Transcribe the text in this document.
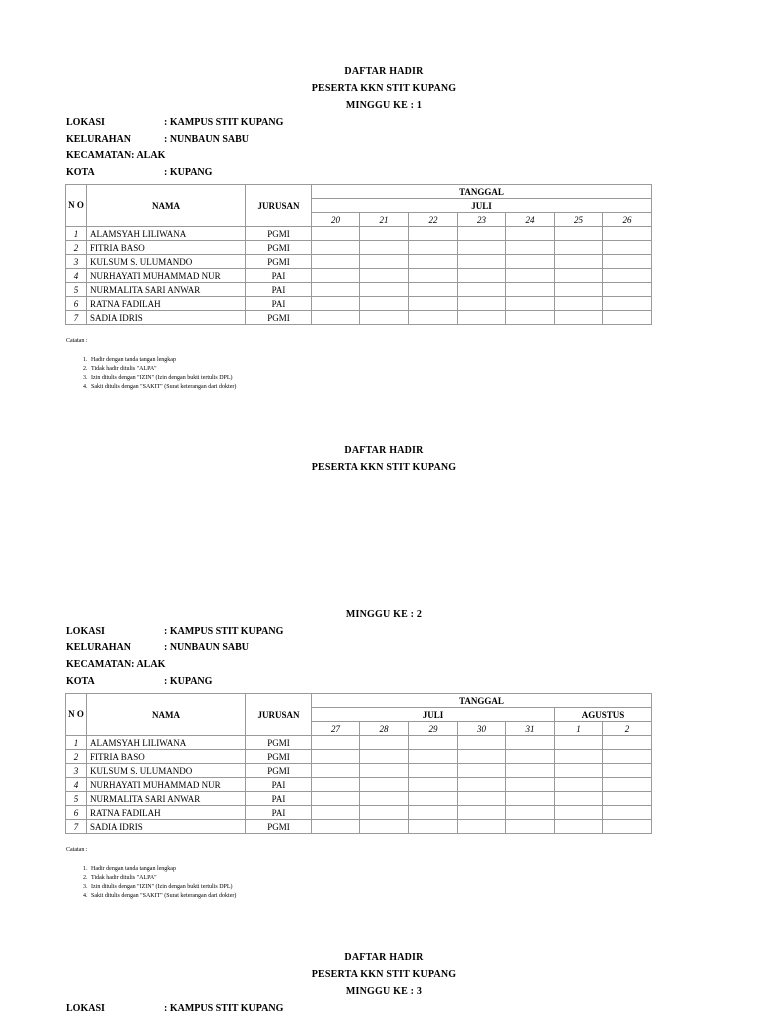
DAFTAR HADIR
PESERTA KKN STIT KUPANG
MINGGU KE : 1
LOKASI	: KAMPUS STIT KUPANG
KELURAHAN	: NUNBAUN SABU
KECAMATAN: ALAK
KOTA	: KUPANG
N O	NAMA	JURUSAN	TANGGAL						
			JULI						
			20	21	22	23	24	25	26
1	ALAMSYAH LILIWANA	PGMI							
2	FITRIA BASO	PGMI							
3	KULSUM S. ULUMANDO	PGMI							
4	NURHAYATI MUHAMMAD NUR	PAI							
5	NURMALITA SARI ANWAR	PAI							
6	RATNA FADILAH	PAI							
7	SADIA IDRIS	PGMI							
Catatan :
1. Hadir dengan tanda tangan lengkap
2. Tidak hadir ditulis "ALPA"
3. Izin ditulis dengan "IZIN" (Izin dengan bukti tertulis DPL)
4. Sakit ditulis dengan "SAKIT" (Surat keterangan dari dokter)
DAFTAR HADIR
PESERTA KKN STIT KUPANG
MINGGU KE : 2
LOKASI	: KAMPUS STIT KUPANG
KELURAHAN	: NUNBAUN SABU
KECAMATAN: ALAK
KOTA	: KUPANG
N O	NAMA	JURUSAN	TANGGAL						
			JULI					AGUSTUS	
			27	28	29	30	31	1	2
1	ALAMSYAH LILIWANA	PGMI							
2	FITRIA BASO	PGMI							
3	KULSUM S. ULUMANDO	PGMI							
4	NURHAYATI MUHAMMAD NUR	PAI							
5	NURMALITA SARI ANWAR	PAI							
6	RATNA FADILAH	PAI							
7	SADIA IDRIS	PGMI							
Catatan :
1. Hadir dengan tanda tangan lengkap
2. Tidak hadir ditulis "ALPA"
3. Izin ditulis dengan "IZIN" (Izin dengan bukti tertulis DPL)
4. Sakit ditulis dengan "SAKIT" (Surat keterangan dari dokter)
DAFTAR HADIR
PESERTA KKN STIT KUPANG
MINGGU KE : 3
LOKASI	: KAMPUS STIT KUPANG
